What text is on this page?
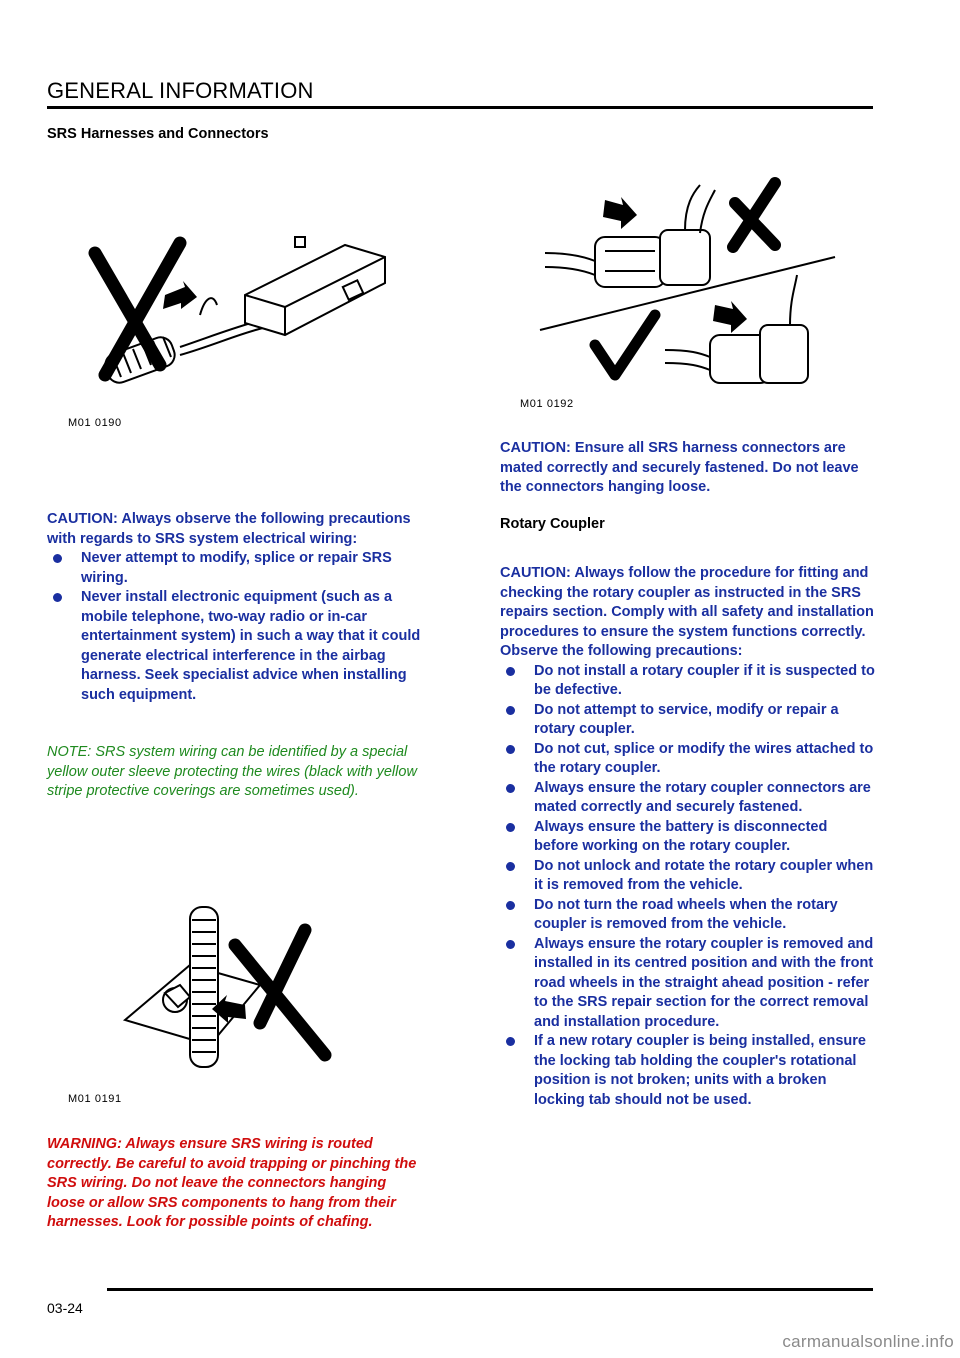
GENERAL INFORMATION
SRS Harnesses and Connectors
M01 0190
M01 0192
CAUTION: Always observe the following precautions with regards to SRS system electrical wiring:
Never attempt to modify, splice or repair SRS wiring.
Never install electronic equipment (such as a mobile telephone, two-way radio or in-car entertainment system) in such a way that it could generate electrical interference in the airbag harness. Seek specialist advice when installing such equipment.
NOTE: SRS system wiring can be identified by a special yellow outer sleeve protecting the wires (black with yellow stripe protective coverings are sometimes used).
M01 0191
WARNING: Always ensure SRS wiring is routed correctly. Be careful to avoid trapping or pinching the SRS wiring. Do not leave the connectors hanging loose or allow SRS components to hang from their harnesses. Look for possible points of chafing.
CAUTION: Ensure all SRS harness connectors are mated correctly and securely fastened. Do not leave the connectors hanging loose.
Rotary Coupler
CAUTION: Always follow the procedure for fitting and checking the rotary coupler as instructed in the SRS repairs section. Comply with all safety and installation procedures to ensure the system functions correctly. Observe the following precautions:
Do not install a rotary coupler if it is suspected to be defective.
Do not attempt to service, modify or repair a rotary coupler.
Do not cut, splice or modify the wires attached to the rotary coupler.
Always ensure the rotary coupler connectors are mated correctly and securely fastened.
Always ensure the battery is disconnected before working on the rotary coupler.
Do not unlock and rotate the rotary coupler when it is removed from the vehicle.
Do not turn the road wheels when the rotary coupler is removed from the vehicle.
Always ensure the rotary coupler is removed and installed in its centred position and with the front road wheels in the straight ahead position - refer to the SRS repair section for the correct removal and installation procedure.
If a new rotary coupler is being installed, ensure the locking tab holding the coupler's rotational position is not broken; units with a broken locking tab should not be used.
03-24
carmanualsonline.info
